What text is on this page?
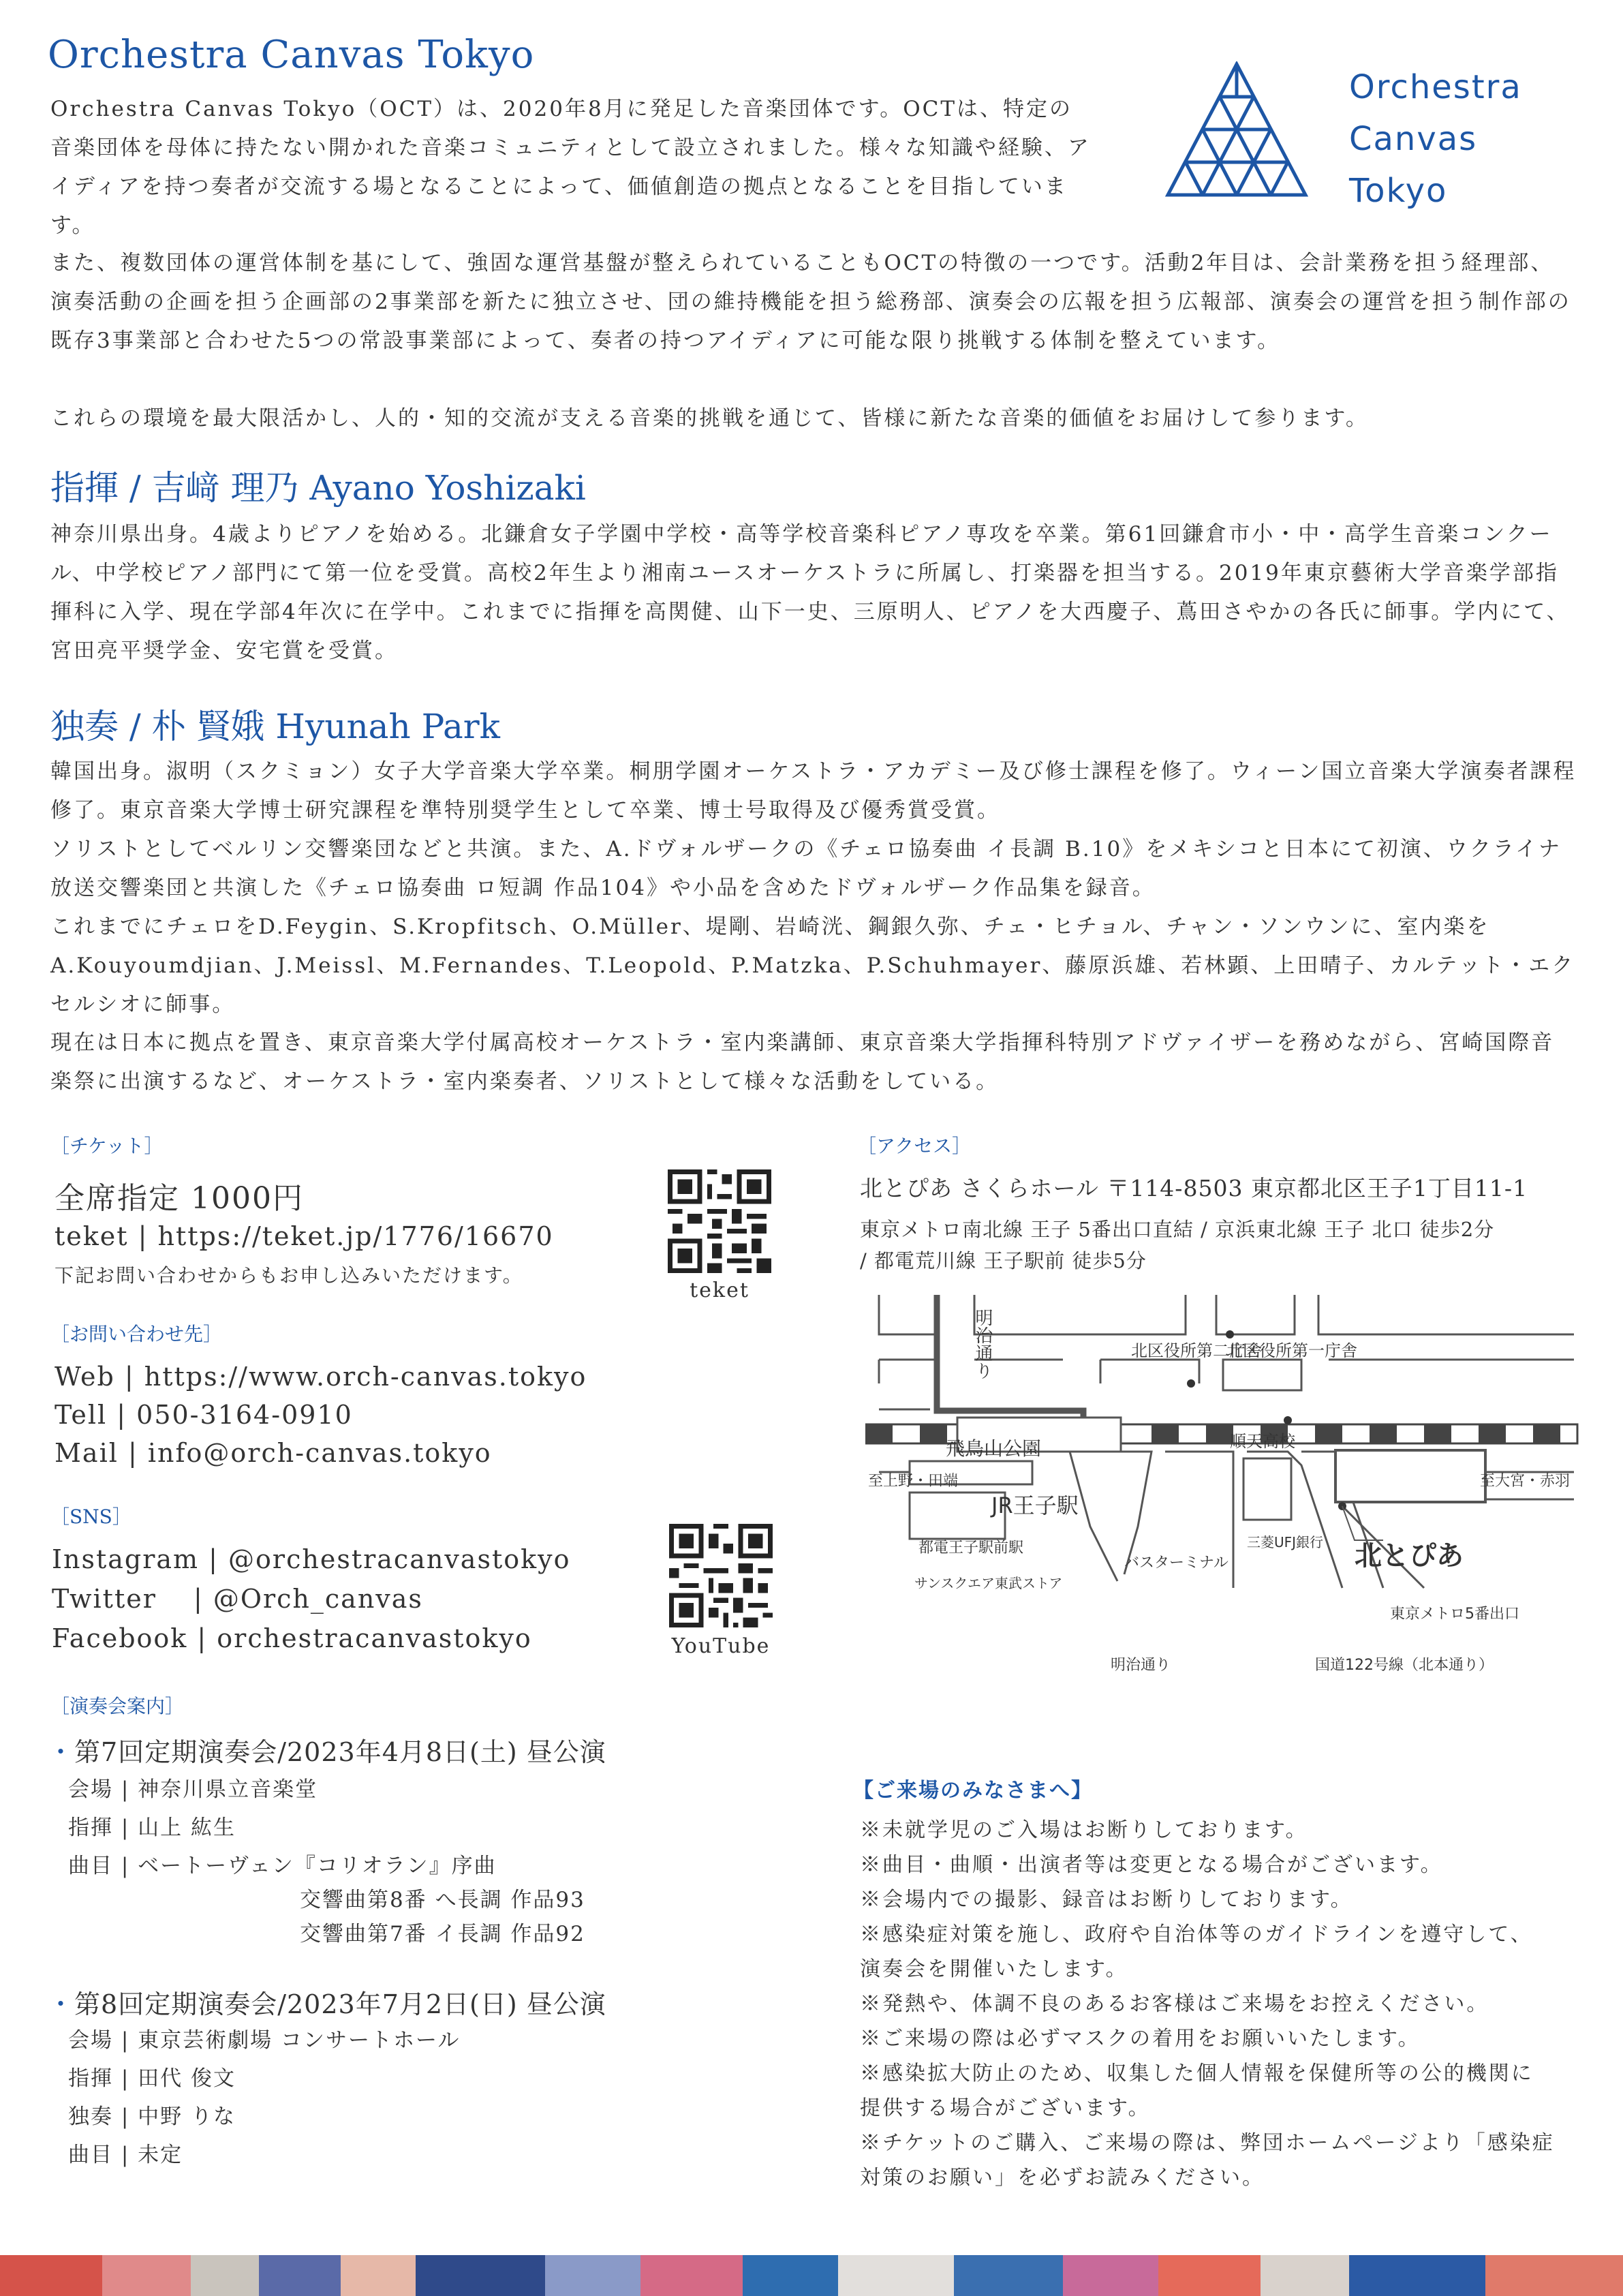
Orchestra Canvas Tokyo

Orchestra Canvas Tokyo（OCT）は、2020年8月に発足した音楽団体です。OCTは、特定の音楽団体を母体に持たない開かれた音楽コミュニティとして設立されました。様々な知識や経験、アイディアを持つ奏者が交流する場となることによって、価値創造の拠点となることを目指しています。

また、複数団体の運営体制を基にして、強固な運営基盤が整えられていることもOCTの特徴の一つです。活動2年目は、会計業務を担う経理部、演奏活動の企画を担う企画部の2事業部を新たに独立させ、団の維持機能を担う総務部、演奏会の広報を担う広報部、演奏会の運営を担う制作部の既存3事業部と合わせた5つの常設事業部によって、奏者の持つアイディアに可能な限り挑戦する体制を整えています。

これらの環境を最大限活かし、人的・知的交流が支える音楽的挑戦を通じて、皆様に新たな音楽的価値をお届けして参ります。

Orchestra
Canvas
Tokyo
指揮 / 吉﨑 理乃 Ayano Yoshizaki

神奈川県出身。4歳よりピアノを始める。北鎌倉女子学園中学校・高等学校音楽科ピアノ専攻を卒業。第61回鎌倉市小・中・高学生音楽コンクール、中学校ピアノ部門にて第一位を受賞。高校2年生より湘南ユースオーケストラに所属し、打楽器を担当する。2019年東京藝術大学音楽学部指揮科に入学、現在学部4年次に在学中。これまでに指揮を高関健、山下一史、三原明人、ピアノを大西慶子、蔦田さやかの各氏に師事。学内にて、宮田亮平奨学金、安宅賞を受賞。

独奏 / 朴 賢娥 Hyunah Park

韓国出身。淑明（スクミョン）女子大学音楽大学卒業。桐朋学園オーケストラ・アカデミー及び修士課程を修了。ウィーン国立音楽大学演奏者課程修了。東京音楽大学博士研究課程を準特別奨学生として卒業、博士号取得及び優秀賞受賞。

ソリストとしてベルリン交響楽団などと共演。また、A.ドヴォルザークの《チェロ協奏曲 イ長調 B.10》をメキシコと日本にて初演、ウクライナ放送交響楽団と共演した《チェロ協奏曲 ロ短調 作品104》や小品を含めたドヴォルザーク作品集を録音。

これまでにチェロをD.Feygin、S.Kropfitsch、O.Müller、堤剛、岩崎洸、鋼銀久弥、チェ・ヒチョル、チャン・ソンウンに、室内楽をA.Kouyoumdjian、J.Meissl、M.Fernandes、T.Leopold、P.Matzka、P.Schuhmayer、藤原浜雄、若林顕、上田晴子、カルテット・エクセルシオに師事。

現在は日本に拠点を置き、東京音楽大学付属高校オーケストラ・室内楽講師、東京音楽大学指揮科特別アドヴァイザーを務めながら、宮崎国際音楽祭に出演するなど、オーケストラ・室内楽奏者、ソリストとして様々な活動をしている。

［チケット］
全席指定 1000円
teket | https://teket.jp/1776/16670
下記お問い合わせからもお申し込みいただけます。
teket
［お問い合わせ先］
Web | https://www.orch-canvas.tokyo
Tell | 050-3164-0910
Mail | info@orch-canvas.tokyo
［SNS］
Instagram | @orchestracanvastokyo
Twitter　 | @Orch_canvas
Facebook | orchestracanvastokyo	YouTube
［演奏会案内］
・第7回定期演奏会/2023年4月8日(土) 昼公演
会場 | 神奈川県立音楽堂
指揮 | 山上 紘生
曲目 | ベートーヴェン『コリオラン』序曲
交響曲第8番 へ長調 作品93
交響曲第7番 イ長調 作品92
・第8回定期演奏会/2023年7月2日(日) 昼公演
会場 | 東京芸術劇場 コンサートホール
指揮 | 田代 俊文
独奏 | 中野 りな
曲目 | 未定
［アクセス］
北とぴあ さくらホール 〒114-8503 東京都北区王子1丁目11-1
東京メトロ南北線 王子 5番出口直結 / 京浜東北線 王子 北口 徒歩2分
/ 都電荒川線 王子駅前 徒歩5分
明治通り	北区役所第二庁舎
北区役所第一庁舎
順天高校
飛鳥山公園
至上野・田端	至大宮・赤羽
JR王子駅
都電王子駅前駅
バスターミナル
三菱UFJ銀行 北とぴあ
サンスクエア東武ストア
東京メトロ5番出口
明治通り	国道122号線（北本通り）
【ご来場のみなさまへ】
※未就学児のご入場はお断りしております。
※曲目・曲順・出演者等は変更となる場合がございます。
※会場内での撮影、録音はお断りしております。
※感染症対策を施し、政府や自治体等のガイドラインを遵守して、演奏会を開催いたします。
※発熱や、体調不良のあるお客様はご来場をお控えください。
※ご来場の際は必ずマスクの着用をお願いいたします。
※感染拡大防止のため、収集した個人情報を保健所等の公的機関に提供する場合がございます。
※チケットのご購入、ご来場の際は、弊団ホームページより「感染症対策のお願い」を必ずお読みください。
